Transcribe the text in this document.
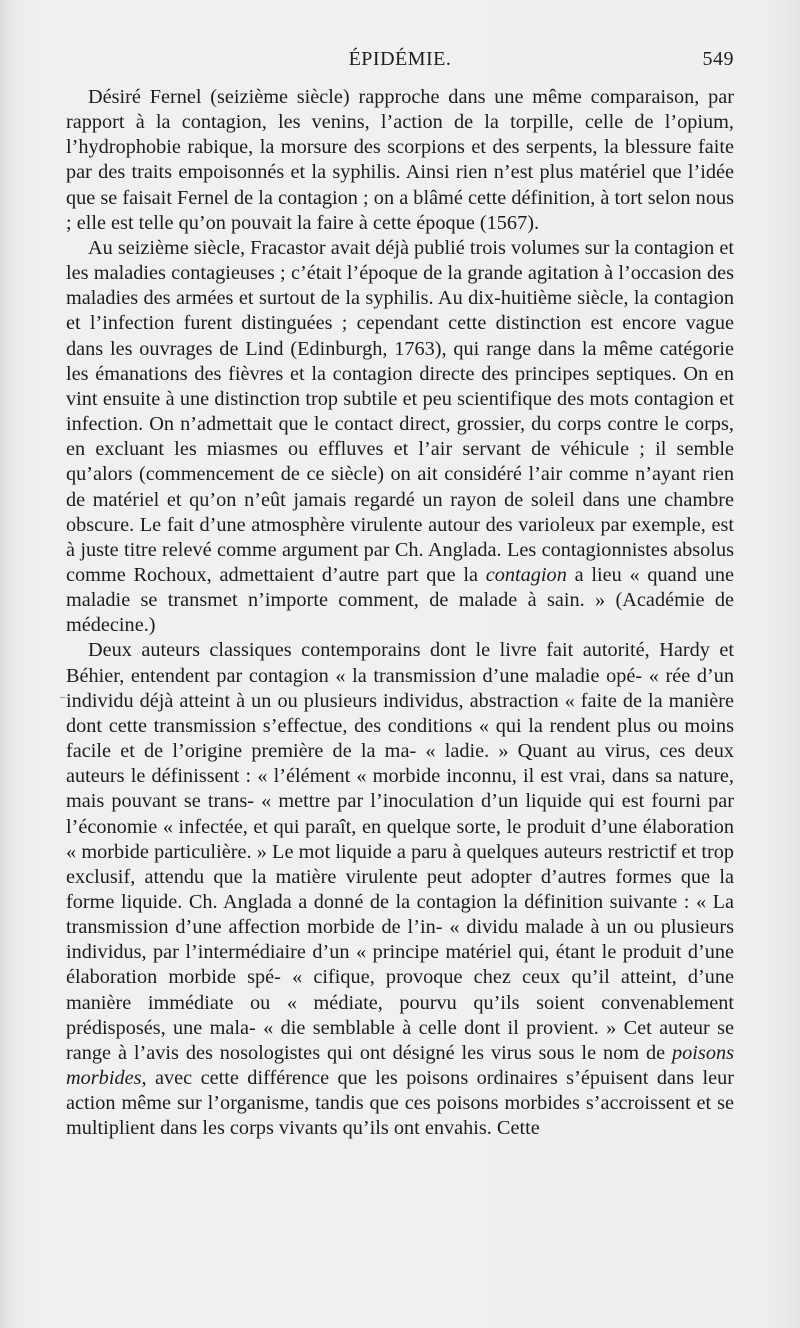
ÉPIDÉMIE.	549

Désiré Fernel (seizième siècle) rapproche dans une même comparaison, par rapport à la contagion, les venins, l’action de la torpille, celle de l’opium, l’hydrophobie rabique, la morsure des scorpions et des serpents, la blessure faite par des traits empoisonnés et la syphilis. Ainsi rien n’est plus matériel que l’idée que se faisait Fernel de la contagion ; on a blâmé cette définition, à tort selon nous ; elle est telle qu’on pouvait la faire à cette époque (1567).

Au seizième siècle, Fracastor avait déjà publié trois volumes sur la contagion et les maladies contagieuses ; c’était l’époque de la grande agitation à l’occasion des maladies des armées et surtout de la syphilis. Au dix-huitième siècle, la contagion et l’infection furent distinguées ; cependant cette distinction est encore vague dans les ouvrages de Lind (Edinburgh, 1763), qui range dans la même catégorie les émanations des fièvres et la contagion directe des principes septiques. On en vint ensuite à une distinction trop subtile et peu scientifique des mots contagion et infection. On n’admettait que le contact direct, grossier, du corps contre le corps, en excluant les miasmes ou effluves et l’air servant de véhicule ; il semble qu’alors (commencement de ce siècle) on ait considéré l’air comme n’ayant rien de matériel et qu’on n’eût jamais regardé un rayon de soleil dans une chambre obscure. Le fait d’une atmosphère virulente autour des varioleux par exemple, est à juste titre relevé comme argument par Ch. Anglada. Les contagionnistes absolus comme Rochoux, admettaient d’autre part que la contagion a lieu « quand une maladie se transmet n’importe comment, de malade à sain. » (Académie de médecine.)

Deux auteurs classiques contemporains dont le livre fait autorité, Hardy et Béhier, entendent par contagion « la transmission d’une maladie opé- « rée d’un individu déjà atteint à un ou plusieurs individus, abstraction « faite de la manière dont cette transmission s’effectue, des conditions « qui la rendent plus ou moins facile et de l’origine première de la ma- « ladie. » Quant au virus, ces deux auteurs le définissent : « l’élément « morbide inconnu, il est vrai, dans sa nature, mais pouvant se trans- « mettre par l’inoculation d’un liquide qui est fourni par l’économie « infectée, et qui paraît, en quelque sorte, le produit d’une élaboration « morbide particulière. » Le mot liquide a paru à quelques auteurs restrictif et trop exclusif, attendu que la matière virulente peut adopter d’autres formes que la forme liquide. Ch. Anglada a donné de la contagion la définition suivante : « La transmission d’une affection morbide de l’in- « dividu malade à un ou plusieurs individus, par l’intermédiaire d’un « principe matériel qui, étant le produit d’une élaboration morbide spé- « cifique, provoque chez ceux qu’il atteint, d’une manière immédiate ou « médiate, pourvu qu’ils soient convenablement prédisposés, une mala- « die semblable à celle dont il provient. » Cet auteur se range à l’avis des nosologistes qui ont désigné les virus sous le nom de poisons morbides, avec cette différence que les poisons ordinaires s’épuisent dans leur action même sur l’organisme, tandis que ces poisons morbides s’accroissent et se multiplient dans les corps vivants qu’ils ont envahis. Cette
